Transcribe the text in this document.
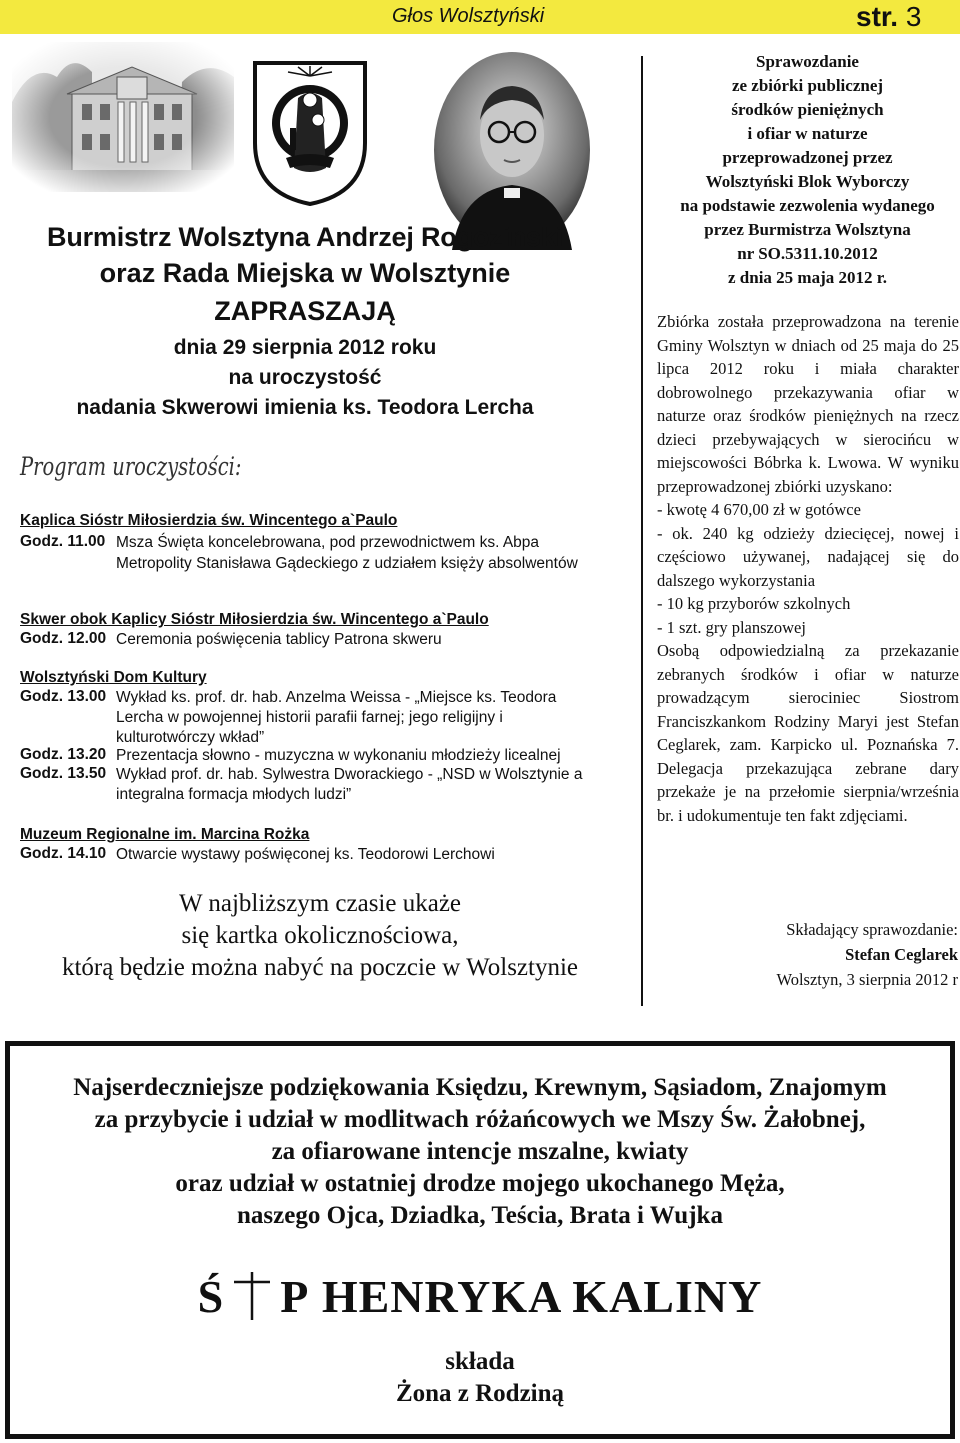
Głos Wolsztyński	str. 3
Burmistrz Wolsztyna Andrzej Rogozinski
oraz Rada Miejska w Wolsztynie
ZAPRASZAJĄ
dnia 29 sierpnia 2012 roku
na uroczystość
nadania Skwerowi imienia ks. Teodora Lercha
Program uroczystości:
Kaplica Sióstr Miłosierdzia św. Wincentego a`Paulo
Godz. 11.00 Msza Święta koncelebrowana, pod przewodnictwem ks. Abpa Metropolity Stanisława Gądeckiego z udziałem księży absolwentów
Skwer obok Kaplicy Sióstr Miłosierdzia św. Wincentego a`Paulo
Godz. 12.00 Ceremonia poświęcenia tablicy Patrona skweru
Wolsztyński Dom Kultury
Godz. 13.00 Wykład ks. prof. dr. hab. Anzelma Weissa - „Miejsce ks. Teodora Lercha w powojennej historii parafii farnej; jego religijny i kulturotwórczy wkład”
Godz. 13.20 Prezentacja słowno - muzyczna w wykonaniu młodzieży licealnej
Godz. 13.50 Wykład prof. dr. hab. Sylwestra Dworackiego - „NSD w Wolsztynie a integralna formacja młodych ludzi”
Muzeum Regionalne im. Marcina Rożka
Godz. 14.10 Otwarcie wystawy poświęconej ks. Teodorowi Lerchowi
W najbliższym czasie ukaże
się kartka okolicznościowa,
którą będzie można nabyć na poczcie w Wolsztynie
Sprawozdanie
ze zbiórki publicznej
środków pieniężnych
i ofiar w naturze
przeprowadzonej przez
Wolsztyński Blok Wyborczy
na podstawie zezwolenia wydanego
przez Burmistrza Wolsztyna
nr SO.5311.10.2012
z dnia 25 maja 2012 r.

Zbiórka została przeprowadzona na terenie Gminy Wolsztyn w dniach od 25 maja do 25 lipca 2012 roku i miała charakter dobrowolnego przekazywania ofiar w naturze oraz środków pieniężnych na rzecz dzieci przebywających w sierocińcu w miejscowości Bóbrka k. Lwowa. W wyniku przeprowadzonej zbiórki uzyskano:

- kwotę 4 670,00 zł w gotówce

- ok. 240 kg odzieży dziecięcej, nowej i częściowo używanej, nadającej się do dalszego wykorzystania

- 10 kg przyborów szkolnych

- 1 szt. gry planszowej

Osobą odpowiedzialną za przekazanie zebranych środków i ofiar w naturze prowadzącym sierociniec Siostrom Franciszkankom Rodziny Maryi jest Stefan Ceglarek, zam. Karpicko ul. Poznańska 7. Delegacja przekazująca zebrane dary przekaże je na przełomie sierpnia/września br. i udokumentuje ten fakt zdjęciami.

Składający sprawozdanie:
Stefan Ceglarek
Wolsztyn, 3 sierpnia 2012 r
Najserdeczniejsze podziękowania Księdzu, Krewnym, Sąsiadom, Znajomym
za przybycie i udział w modlitwach różańcowych we Mszy Św. Żałobnej,
za ofiarowane intencje mszalne, kwiaty
oraz udział w ostatniej drodze mojego ukochanego Męża,
naszego Ojca, Dziadka, Teścia, Brata i Wujka
Ś P HENRYKA KALINY
składa
Żona z Rodziną
